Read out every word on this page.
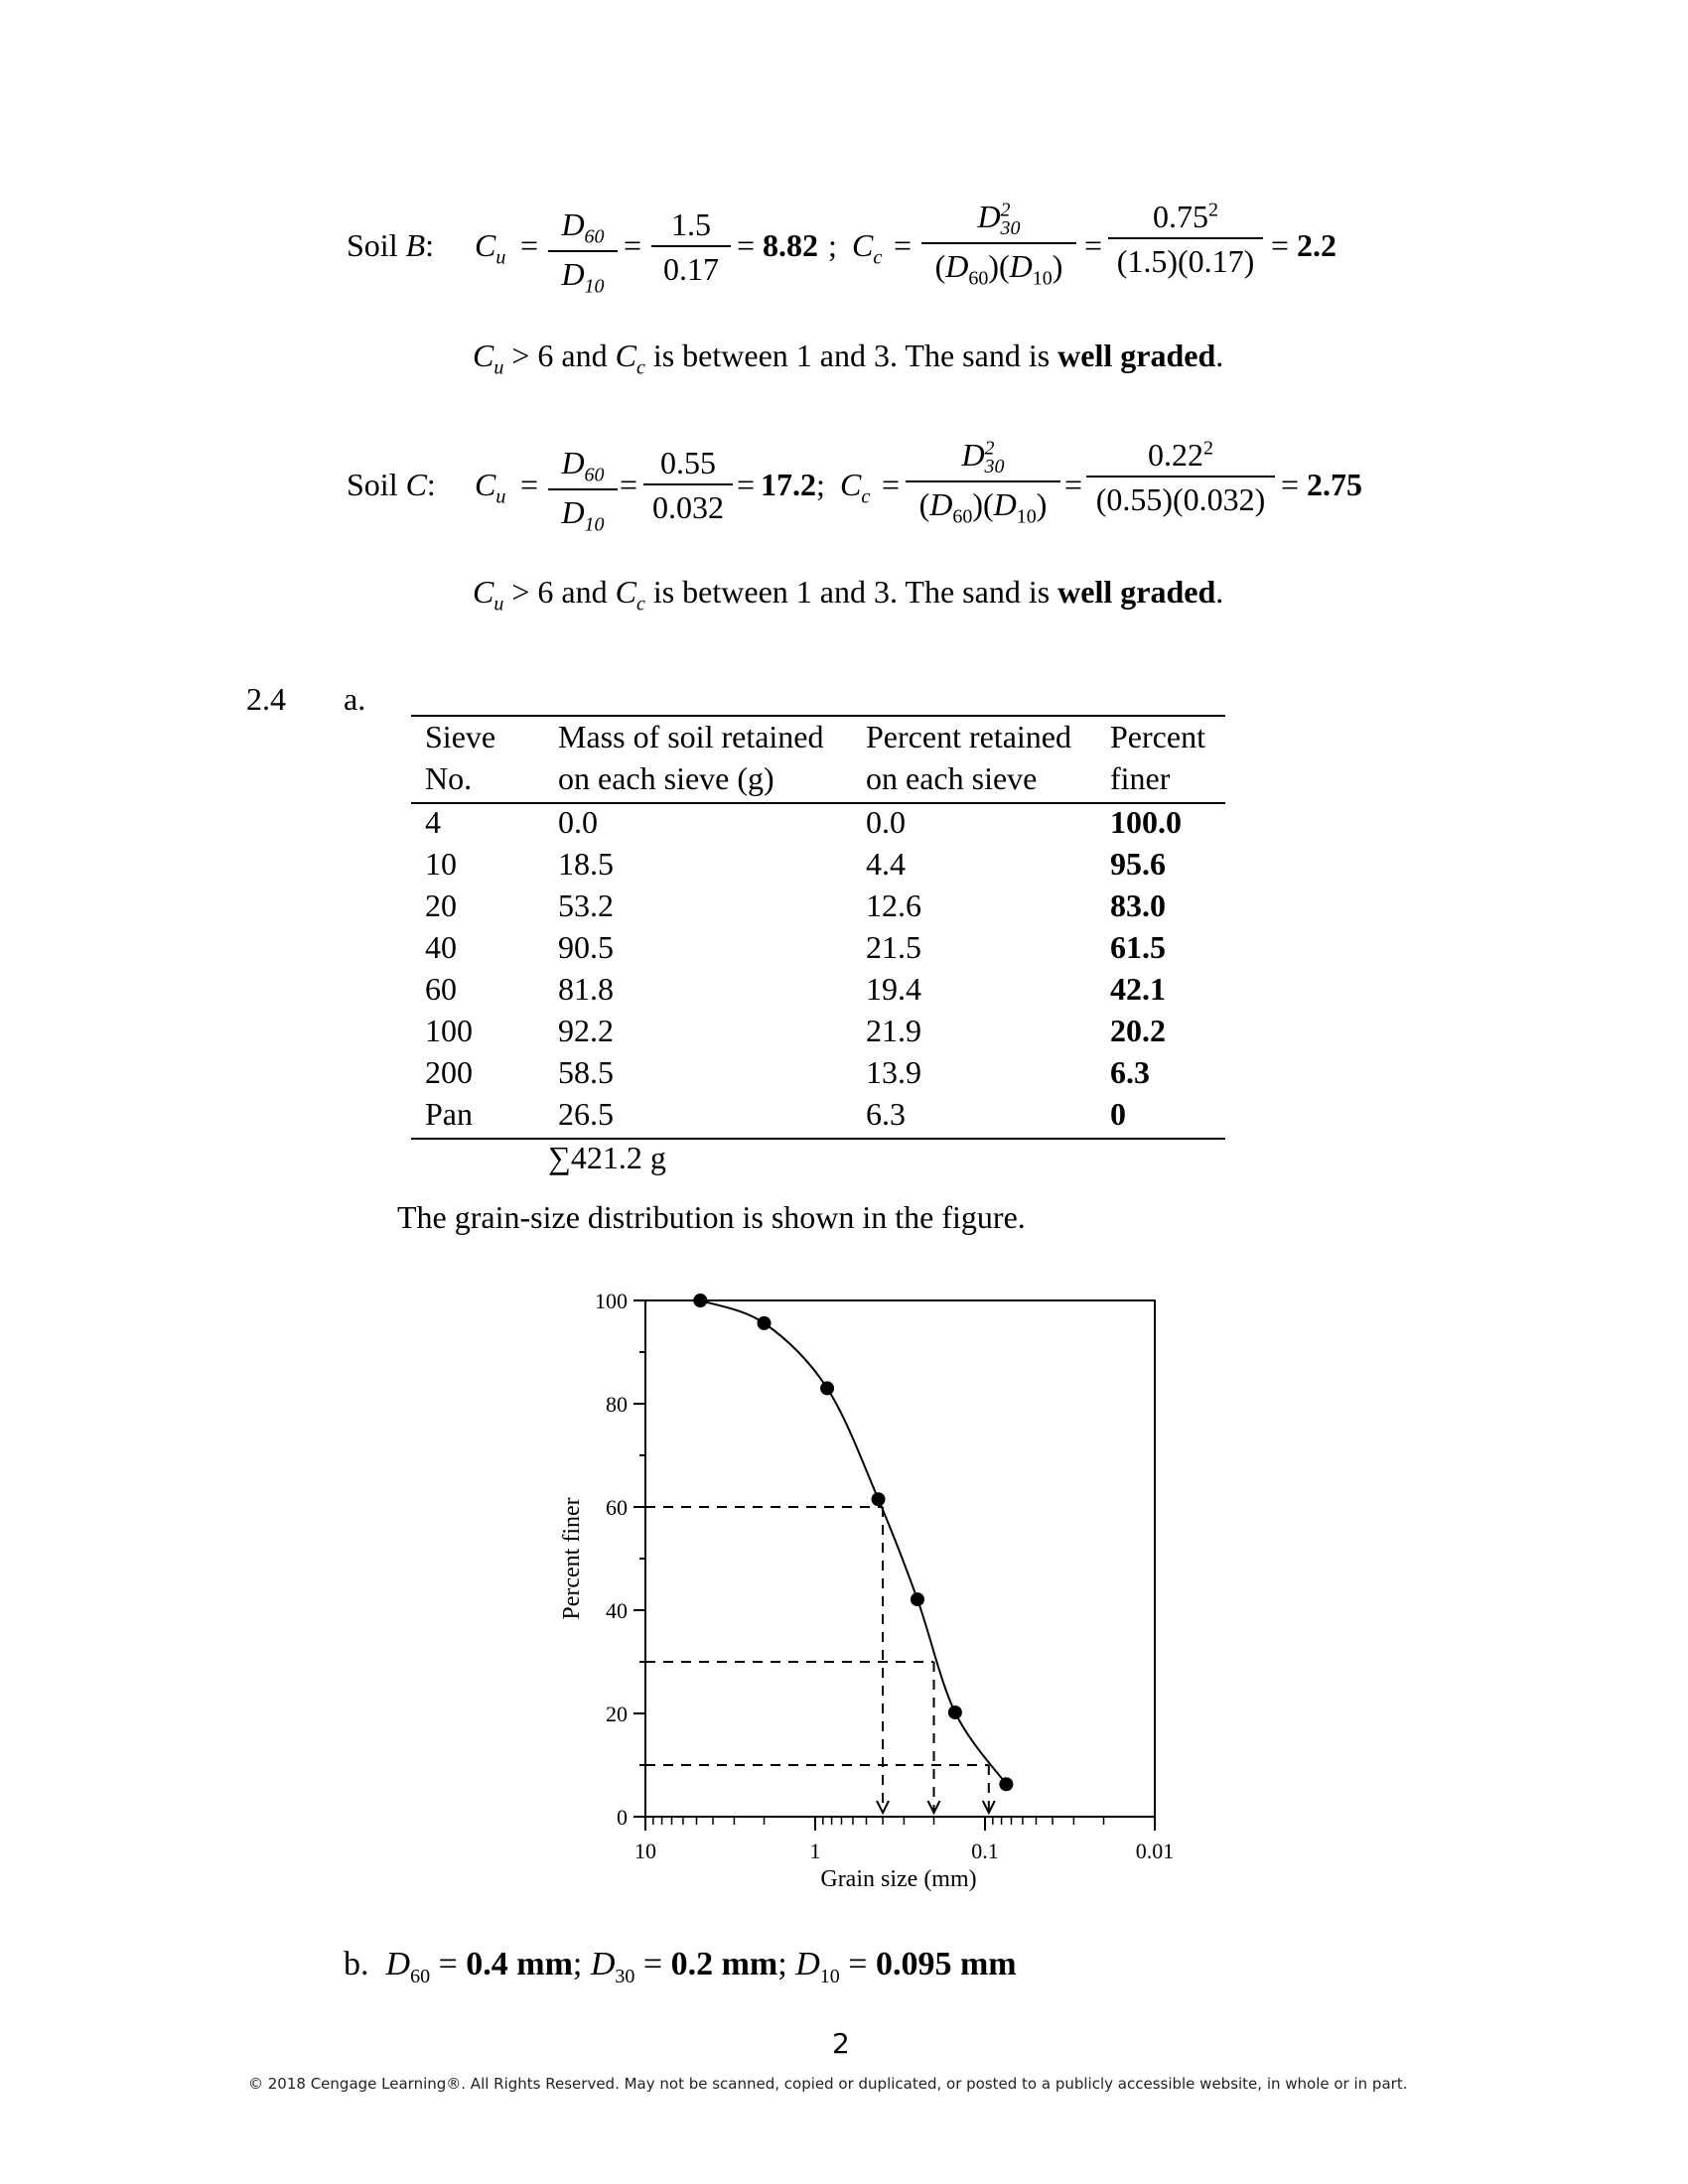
Soil B: $C_u = \frac{D_{60}}{D_{10}} = \frac{1.5}{0.17} = 8.82$ ; $C_c = \frac{D^2_{30}}{(D_{60})(D_{10})} = \frac{0.75^2}{(1.5)(0.17)} = 2.2$
$C_u > 6$ and $C_c$ is between 1 and 3. The sand is well graded.
Soil C: $C_u = \frac{D_{60}}{D_{10}} = \frac{0.55}{0.032} = 17.2$ ; $C_c = \frac{D^2_{30}}{(D_{60})(D_{10})} = \frac{0.22^2}{(0.55)(0.032)} = 2.75$
$C_u > 6$ and $C_c$ is between 1 and 3. The sand is well graded.
2.4 a.
Sieve	Mass of soil retained	Percent retained	Percent
No.	on each sieve (g)	on each sieve	finer
4	0.0	0.0	100.0
10	18.5	4.4	95.6
20	53.2	12.6	83.0
40	90.5	21.5	61.5
60	81.8	19.4	42.1
100	92.2	21.9	20.2
200	58.5	13.9	6.3
Pan	26.5	6.3	0
	∑421.2 g		
The grain-size distribution is shown in the figure.
0
20
40
60
80
100
10	1	0.1	0.01
Percent finer
Grain size (mm)
b. $D_{60} = 0.4$ mm; $D_{30} = 0.2$ mm; $D_{10} = 0.095$ mm
2
© 2018 Cengage Learning®. All Rights Reserved. May not be scanned, copied or duplicated, or posted to a publicly accessible website, in whole or in part.
